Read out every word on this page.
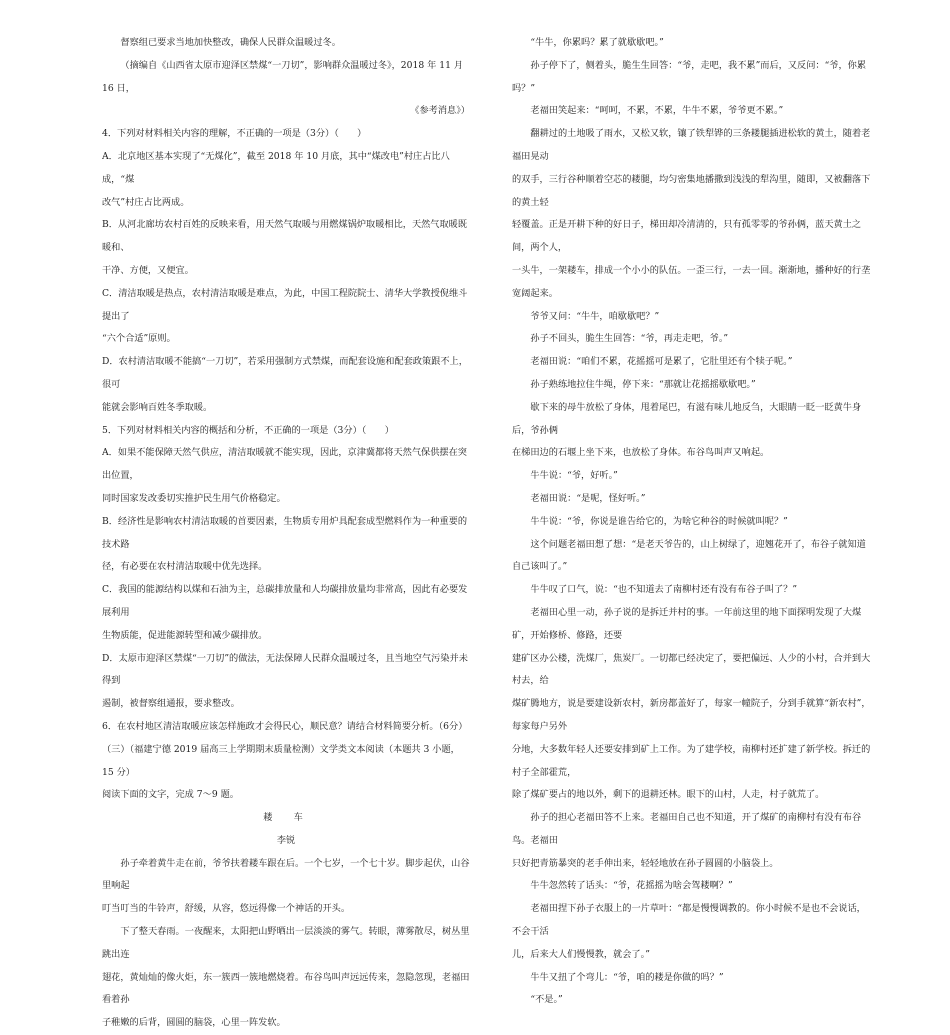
督察组已要求当地加快整改，确保人民群众温暖过冬。

（摘编自《山西省太原市迎泽区禁煤“一刀切”，影响群众温暖过冬》，2018 年 11 月 16 日，

《参考消息》）

4．下列对材料相关内容的理解，不正确的一项是（3分）（　　）

A．北京地区基本实现了“无煤化”，截至 2018 年 10 月底，其中“煤改电”村庄占比八成，“煤

改气”村庄占比两成。

B．从河北廊坊农村百姓的反映来看，用天然气取暖与用燃煤锅炉取暖相比，天然气取暖既暖和、

干净、方便，又便宜。

C．清洁取暖是热点，农村清洁取暖是难点，为此，中国工程院院士、清华大学教授倪维斗提出了

“六个合适”原则。

D．农村清洁取暖不能搞“一刀切”，若采用强制方式禁煤，而配套设施和配套政策跟不上，很可

能就会影响百姓冬季取暖。

5．下列对材料相关内容的概括和分析，不正确的一项是（3分）（　　）

A．如果不能保障天然气供应，清洁取暖就不能实现，因此，京津冀都将天然气保供摆在突出位置，

同时国家发改委切实推护民生用气价格稳定。

B．经济性是影响农村清洁取暖的首要因素，生物质专用炉具配套成型燃料作为一种重要的技术路

径，有必要在农村清洁取暖中优先选择。

C．我国的能源结构以煤和石油为主，总碳排放量和人均碳排放量均非常高，因此有必要发展利用

生物质能，促进能源转型和减少碳排放。

D．太原市迎泽区禁煤“一刀切”的做法，无法保障人民群众温暖过冬，且当地空气污染并未得到

遏制，被督察组通报，要求整改。

6．在农村地区清洁取暖应该怎样施政才会得民心，顺民意？请结合材料简要分析。（6分）

（三）（福建宁德 2019 届高三上学期期末质量检测）文学类文本阅读（本题共 3 小题，15 分）

阅读下面的文字，完成 7～9 题。

耧　车

李锐

孙子牵着黄牛走在前，爷爷扶着耧车跟在后。一个七岁，一个七十岁。脚步起伏，山谷里响起

叮当叮当的牛铃声，舒缓，从容，悠远得像一个神话的开头。

下了整天春雨。一夜醒来，太阳把山野晒出一层淡淡的雾气。转眼，薄雾散尽，树丛里跳出连

翅花，黄灿灿的像火炬，东一簇西一簇地燃烧着。布谷鸟叫声远远传来，忽隐忽现，老福田看着孙

子稚嫩的后背，圆圆的脑袋，心里一阵发软。

“牛牛，你累吗？累了就歇歇吧。”

孙子停下了，侧着头，脆生生回答：“爷，走吧，我不累”而后，又反问：“爷，你累吗？”

老福田笑起来：“呵呵，不累，不累，牛牛不累，爷爷更不累。”

翻耕过的土地吸了雨水，又松又软，镶了铁犁铧的三条耧腿插进松软的黄土，随着老福田晃动

的双手，三行谷种顺着空芯的耧腿，均匀密集地播撒到浅浅的犁沟里，随即，又被翻落下的黄土轻

轻覆盖。正是开耕下种的好日子，梯田却冷清清的，只有孤零零的爷孙俩，蓝天黄土之间，两个人，

一头牛，一架耧车，排成一个小小的队伍。一歪三行，一去一回。渐渐地，播种好的行垄宽阔起来。

爷爷又问：“牛牛，咱歇歇吧？”

孙子不回头，脆生生回答：“爷，再走走吧，爷。”

老福田说：“咱们不累，花摇摇可是累了，它肚里还有个犊子呢。”

孙子熟练地拉住牛绳，停下来：“那就让花摇摇歇歇吧。”

歇下来的母牛放松了身体，甩着尾巴，有滋有味儿地反刍，大眼睛一眨一眨黄牛身后，爷孙俩

在梯田边的石堰上坐下来，也放松了身体。布谷鸟叫声又响起。

牛牛说：“爷，好听。”

老福田说：“是呢，怪好听。”

牛牛说：“爷，你说是谁告给它的，为啥它种谷的时候就叫呢？”

这个问题老福田想了想：“是老天爷告的，山上树绿了，迎翘花开了，布谷子就知道

自己该叫了。”

牛牛叹了口气，说：“也不知道去了南柳村还有没有布谷子叫了？”

老福田心里一动，孙子说的是拆迁并村的事。一年前这里的地下面探明发现了大煤矿，开始修桥、修路，还要

建矿区办公楼，洗煤厂，焦炭厂。一切都已经决定了，要把偏远、人少的小村，合并到大村去，给

煤矿腾地方，说是要建设新农村，新房都盖好了，每家一幢院子，分到手就算“新农村”，每家每户另外

分地，大多数年轻人还要安排到矿上工作。为了建学校，南柳村还扩建了新学校。拆迁的村子全部霍荒，

除了煤矿要占的地以外，剩下的退耕还林。眼下的山村，人走，村子就荒了。

孙子的担心老福田答不上来。老福田自己也不知道，开了煤矿的南柳村有没有布谷鸟。老福田

只好把青筋暴突的老手伸出来，轻轻地放在孙子圆圆的小脑袋上。

牛牛忽然转了话头：“爷，花摇摇为啥会驾耧啊？”

老福田捏下孙子衣服上的一片草叶：“都是慢慢调教的。你小时候不是也不会说话，不会干活

儿，后来大人们慢慢教，就会了。”

牛牛又扭了个弯儿：“爷，咱的耧是你做的吗？”

“不是。”
